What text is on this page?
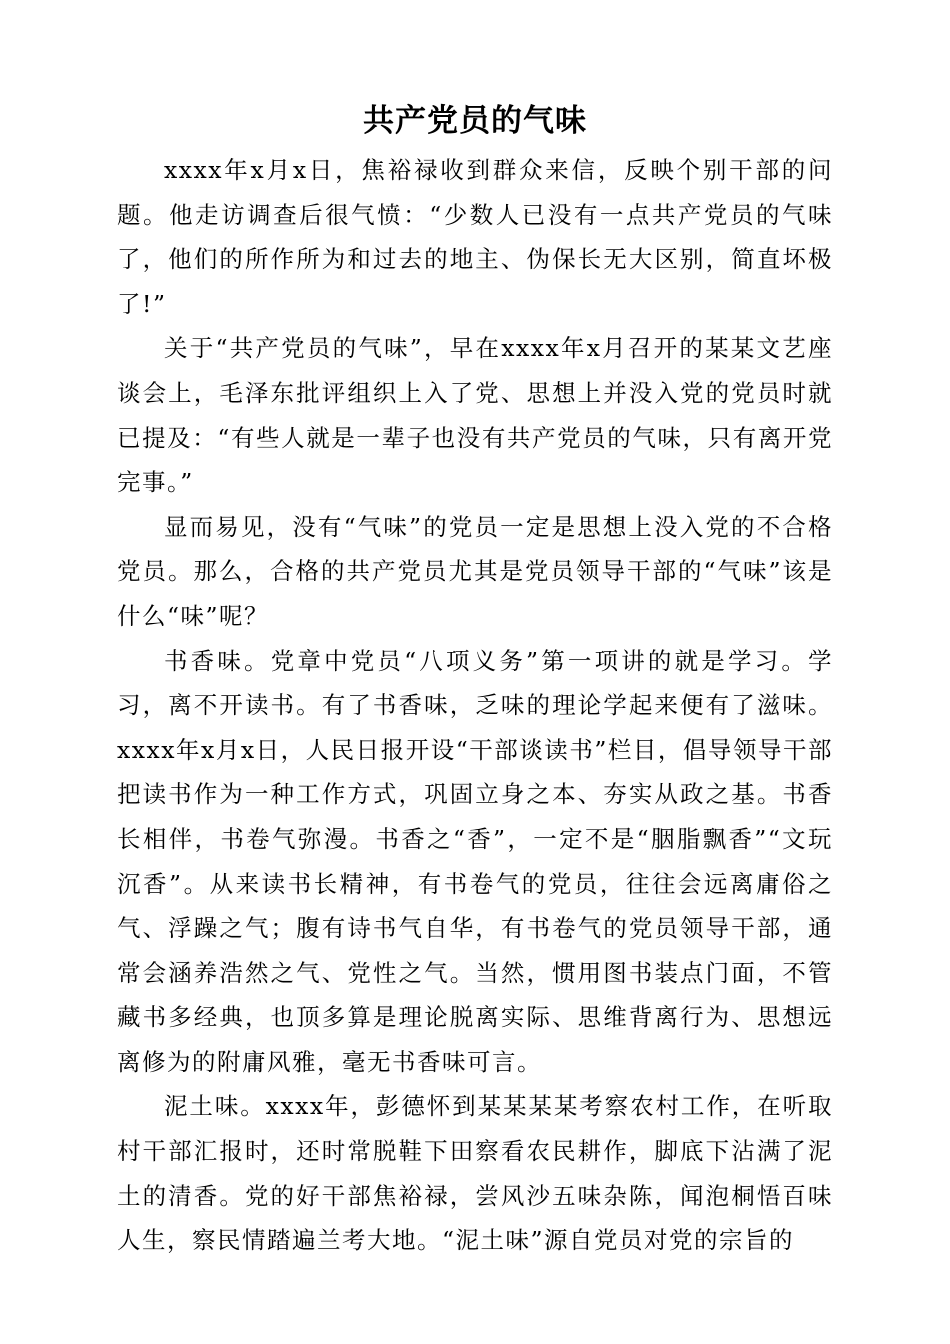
共产党员的气味

xxxx年x月x日，焦裕禄收到群众来信，反映个别干部的问题。他走访调查后很气愤：“少数人已没有一点共产党员的气味了，他们的所作所为和过去的地主、伪保长无大区别，简直坏极了!”

关于“共产党员的气味”，早在xxxx年x月召开的某某文艺座谈会上，毛泽东批评组织上入了党、思想上并没入党的党员时就已提及：“有些人就是一辈子也没有共产党员的气味，只有离开党完事。”

显而易见，没有“气味”的党员一定是思想上没入党的不合格党员。那么，合格的共产党员尤其是党员领导干部的“气味”该是什么“味”呢？

书香味。党章中党员“八项义务”第一项讲的就是学习。学习，离不开读书。有了书香味，乏味的理论学起来便有了滋味。xxxx年x月x日，人民日报开设“干部谈读书”栏目，倡导领导干部把读书作为一种工作方式，巩固立身之本、夯实从政之基。书香长相伴，书卷气弥漫。书香之“香”，一定不是“胭脂飘香”“文玩沉香”。从来读书长精神，有书卷气的党员，往往会远离庸俗之气、浮躁之气；腹有诗书气自华，有书卷气的党员领导干部，通常会涵养浩然之气、党性之气。当然，惯用图书装点门面，不管藏书多经典，也顶多算是理论脱离实际、思维背离行为、思想远离修为的附庸风雅，毫无书香味可言。

泥土味。xxxx年，彭德怀到某某某某考察农村工作，在听取村干部汇报时，还时常脱鞋下田察看农民耕作，脚底下沾满了泥土的清香。党的好干部焦裕禄，尝风沙五味杂陈，闻泡桐悟百味人生，察民情踏遍兰考大地。“泥土味”源自党员对党的宗旨的
